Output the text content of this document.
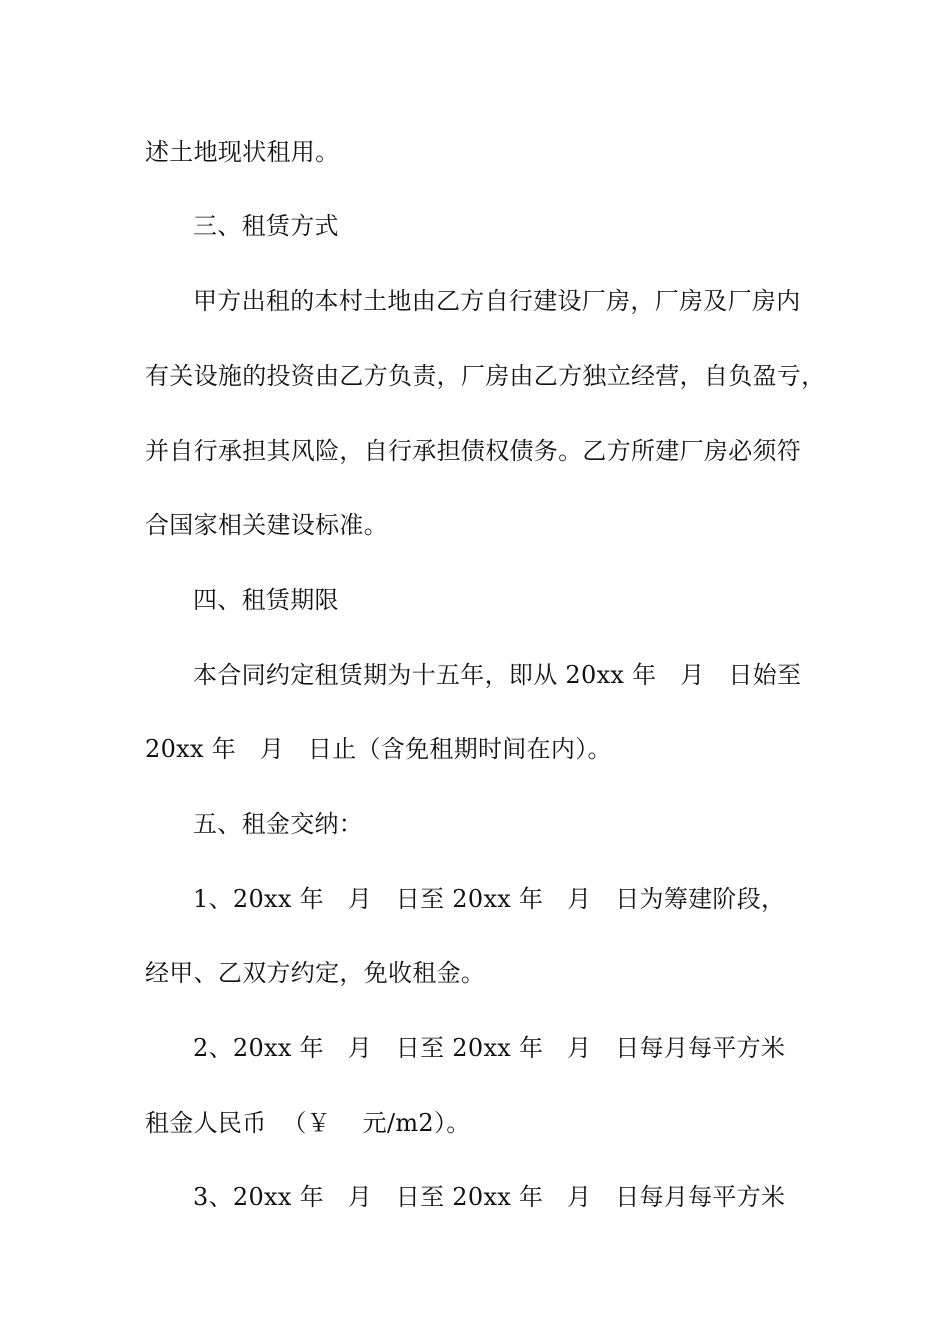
述土地现状租用。
三、租赁方式
甲方出租的本村土地由乙方自行建设厂房，厂房及厂房内
有关设施的投资由乙方负责，厂房由乙方独立经营，自负盈亏，
并自行承担其风险，自行承担债权债务。乙方所建厂房必须符
合国家相关建设标准。
四、租赁期限
本合同约定租赁期为十五年，即从 20xx 年   月   日始至
20xx 年   月   日止（含免租期时间在内）。
五、租金交纳：
1、20xx 年   月   日至 20xx 年   月   日为筹建阶段，
经甲、乙双方约定，免收租金。
2、20xx 年   月   日至 20xx 年   月   日每月每平方米
租金人民币  （￥    元/m2）。
3、20xx 年   月   日至 20xx 年   月   日每月每平方米
